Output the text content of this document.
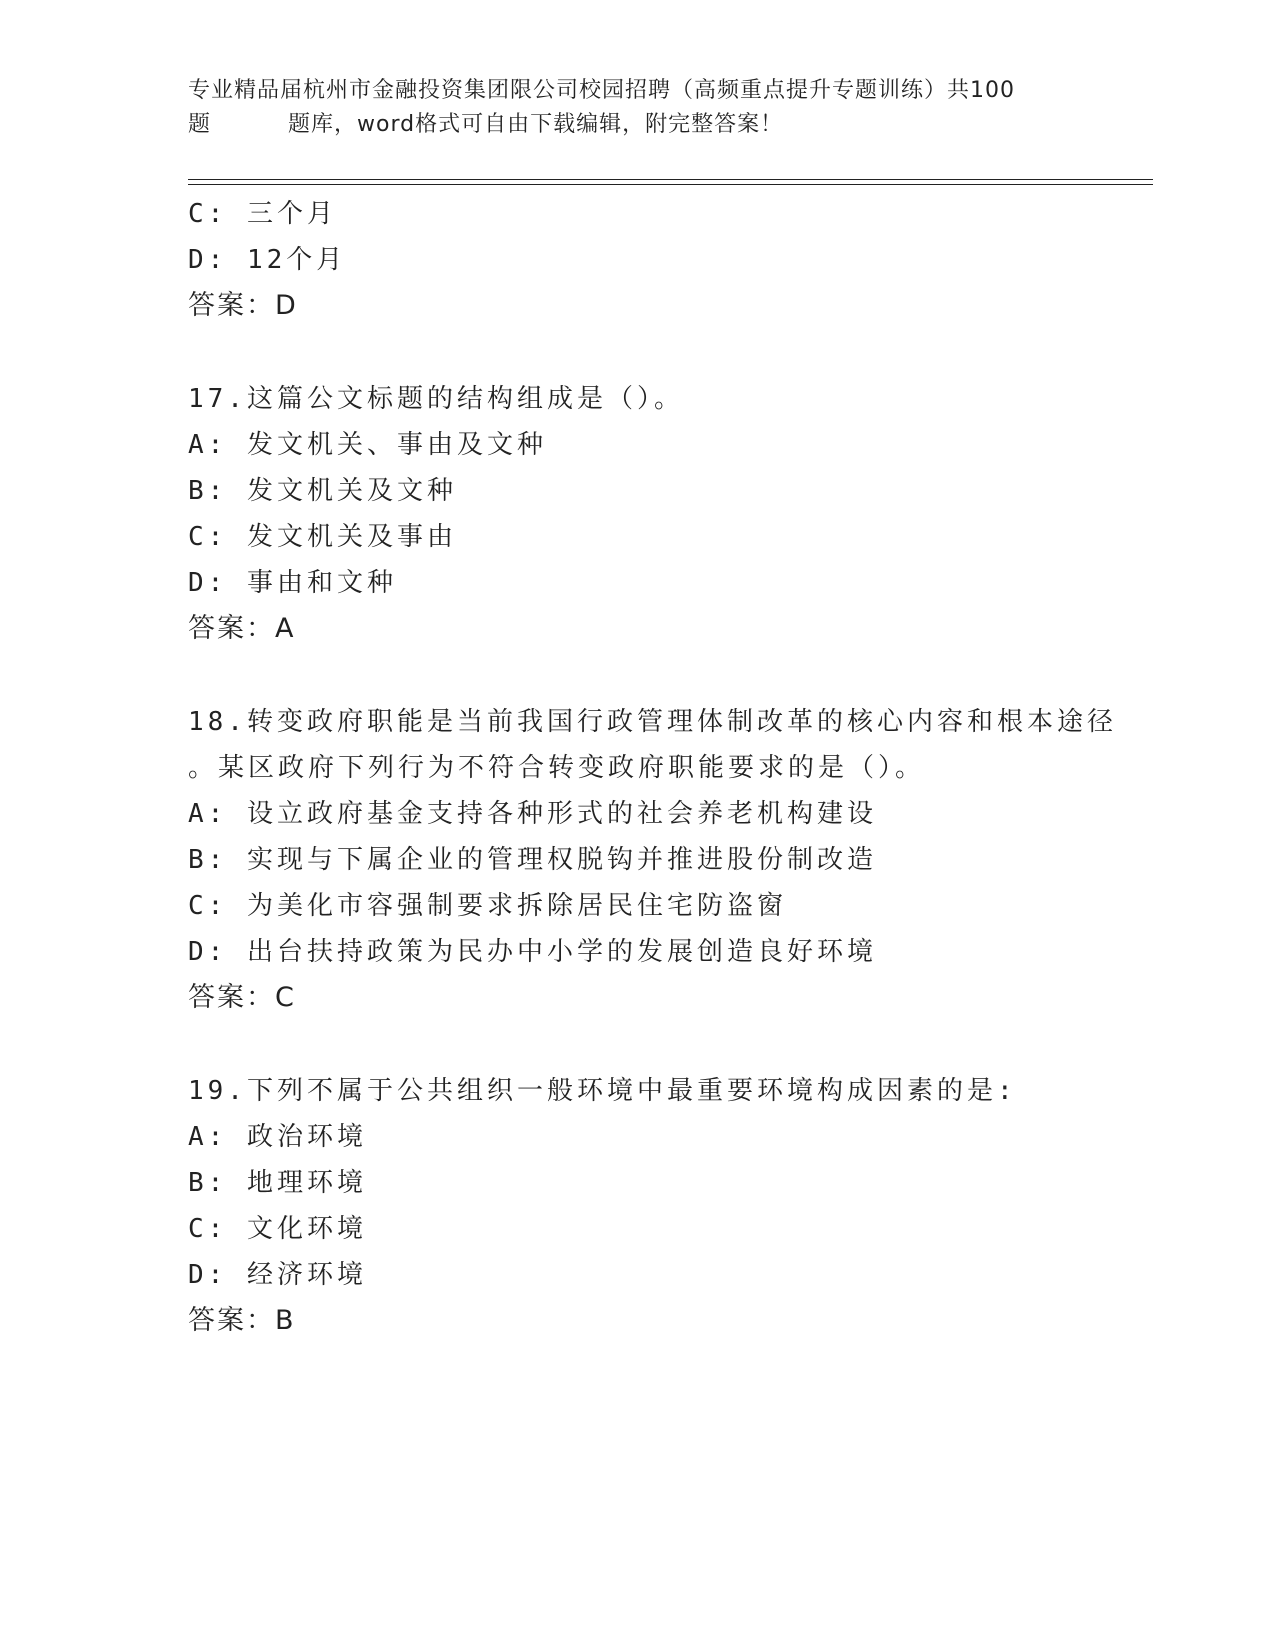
专业精品届杭州市金融投资集团限公司校园招聘（高频重点提升专题训练）共100
题	题库，word格式可自由下载编辑，附完整答案！
C: 三个月
D: 12个月
答案：D
17.这篇公文标题的结构组成是（）。
A: 发文机关、事由及文种
B: 发文机关及文种
C: 发文机关及事由
D: 事由和文种
答案：A
18.转变政府职能是当前我国行政管理体制改革的核心内容和根本途径
。某区政府下列行为不符合转变政府职能要求的是（）。
A: 设立政府基金支持各种形式的社会养老机构建设
B: 实现与下属企业的管理权脱钩并推进股份制改造
C: 为美化市容强制要求拆除居民住宅防盗窗
D: 出台扶持政策为民办中小学的发展创造良好环境
答案：C
19.下列不属于公共组织一般环境中最重要环境构成因素的是:
A: 政治环境
B: 地理环境
C: 文化环境
D: 经济环境
答案：B
